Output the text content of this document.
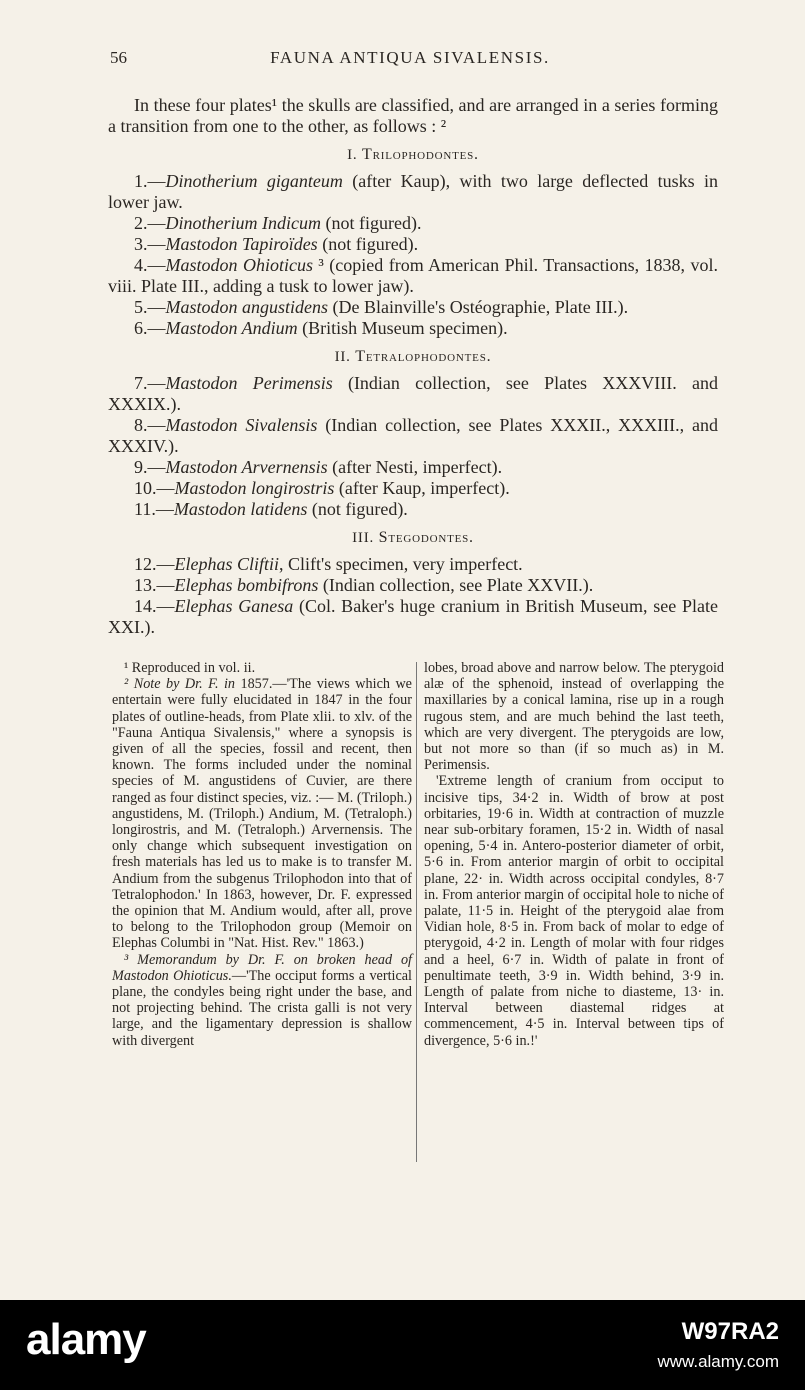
56	FAUNA ANTIQUA SIVALENSIS.

In these four plates¹ the skulls are classified, and are arranged in a series forming a transition from one to the other, as follows : ²

I. Trilophodontes.
1.—Dinotherium giganteum (after Kaup), with two large deflected tusks in lower jaw.
2.—Dinotherium Indicum (not figured).
3.—Mastodon Tapiroïdes (not figured).
4.—Mastodon Ohioticus ³ (copied from American Phil. Transactions, 1838, vol. viii. Plate III., adding a tusk to lower jaw).
5.—Mastodon angustidens (De Blainville's Ostéographie, Plate III.).
6.—Mastodon Andium (British Museum specimen).
II. Tetralophodontes.
7.—Mastodon Perimensis (Indian collection, see Plates XXXVIII. and XXXIX.).
8.—Mastodon Sivalensis (Indian collection, see Plates XXXII., XXXIII., and XXXIV.).
9.—Mastodon Arvernensis (after Nesti, imperfect).
10.—Mastodon longirostris (after Kaup, imperfect).
11.—Mastodon latidens (not figured).
III. Stegodontes.
12.—Elephas Cliftii, Clift's specimen, very imperfect.
13.—Elephas bombifrons (Indian collection, see Plate XXVII.).
14.—Elephas Ganesa (Col. Baker's huge cranium in British Museum, see Plate XXI.).

¹ Reproduced in vol. ii.

² Note by Dr. F. in 1857.—'The views which we entertain were fully elucidated in 1847 in the four plates of outline-heads, from Plate xlii. to xlv. of the "Fauna Antiqua Sivalensis," where a synopsis is given of all the species, fossil and recent, then known. The forms included under the nominal species of M. angustidens of Cuvier, are there ranged as four distinct species, viz. :— M. (Triloph.) angustidens, M. (Triloph.) Andium, M. (Tetraloph.) longirostris, and M. (Tetraloph.) Arvernensis. The only change which subsequent investigation on fresh materials has led us to make is to transfer M. Andium from the subgenus Trilophodon into that of Tetralophodon.' In 1863, however, Dr. F. expressed the opinion that M. Andium would, after all, prove to belong to the Trilophodon group (Memoir on Elephas Columbi in "Nat. Hist. Rev." 1863.)

³ Memorandum by Dr. F. on broken head of Mastodon Ohioticus.—'The occiput forms a vertical plane, the condyles being right under the base, and not projecting behind. The crista galli is not very large, and the ligamentary depression is shallow with divergent

lobes, broad above and narrow below. The pterygoid alæ of the sphenoid, instead of overlapping the maxillaries by a conical lamina, rise up in a rough rugous stem, and are much behind the last teeth, which are very divergent. The pterygoids are low, but not more so than (if so much as) in M. Perimensis.

'Extreme length of cranium from occiput to incisive tips, 34·2 in. Width of brow at post orbitaries, 19·6 in. Width at contraction of muzzle near sub-orbitary foramen, 15·2 in. Width of nasal opening, 5·4 in. Antero-posterior diameter of orbit, 5·6 in. From anterior margin of orbit to occipital plane, 22· in. Width across occipital condyles, 8·7 in. From anterior margin of occipital hole to niche of palate, 11·5 in. Height of the pterygoid alae from Vidian hole, 8·5 in. From back of molar to edge of pterygoid, 4·2 in. Length of molar with four ridges and a heel, 6·7 in. Width of palate in front of penultimate teeth, 3·9 in. Width behind, 3·9 in. Length of palate from niche to diasteme, 13· in. Interval between diastemal ridges at commencement, 4·5 in. Interval between tips of divergence, 5·6 in.!'

alamy	W97RA2
www.alamy.com
